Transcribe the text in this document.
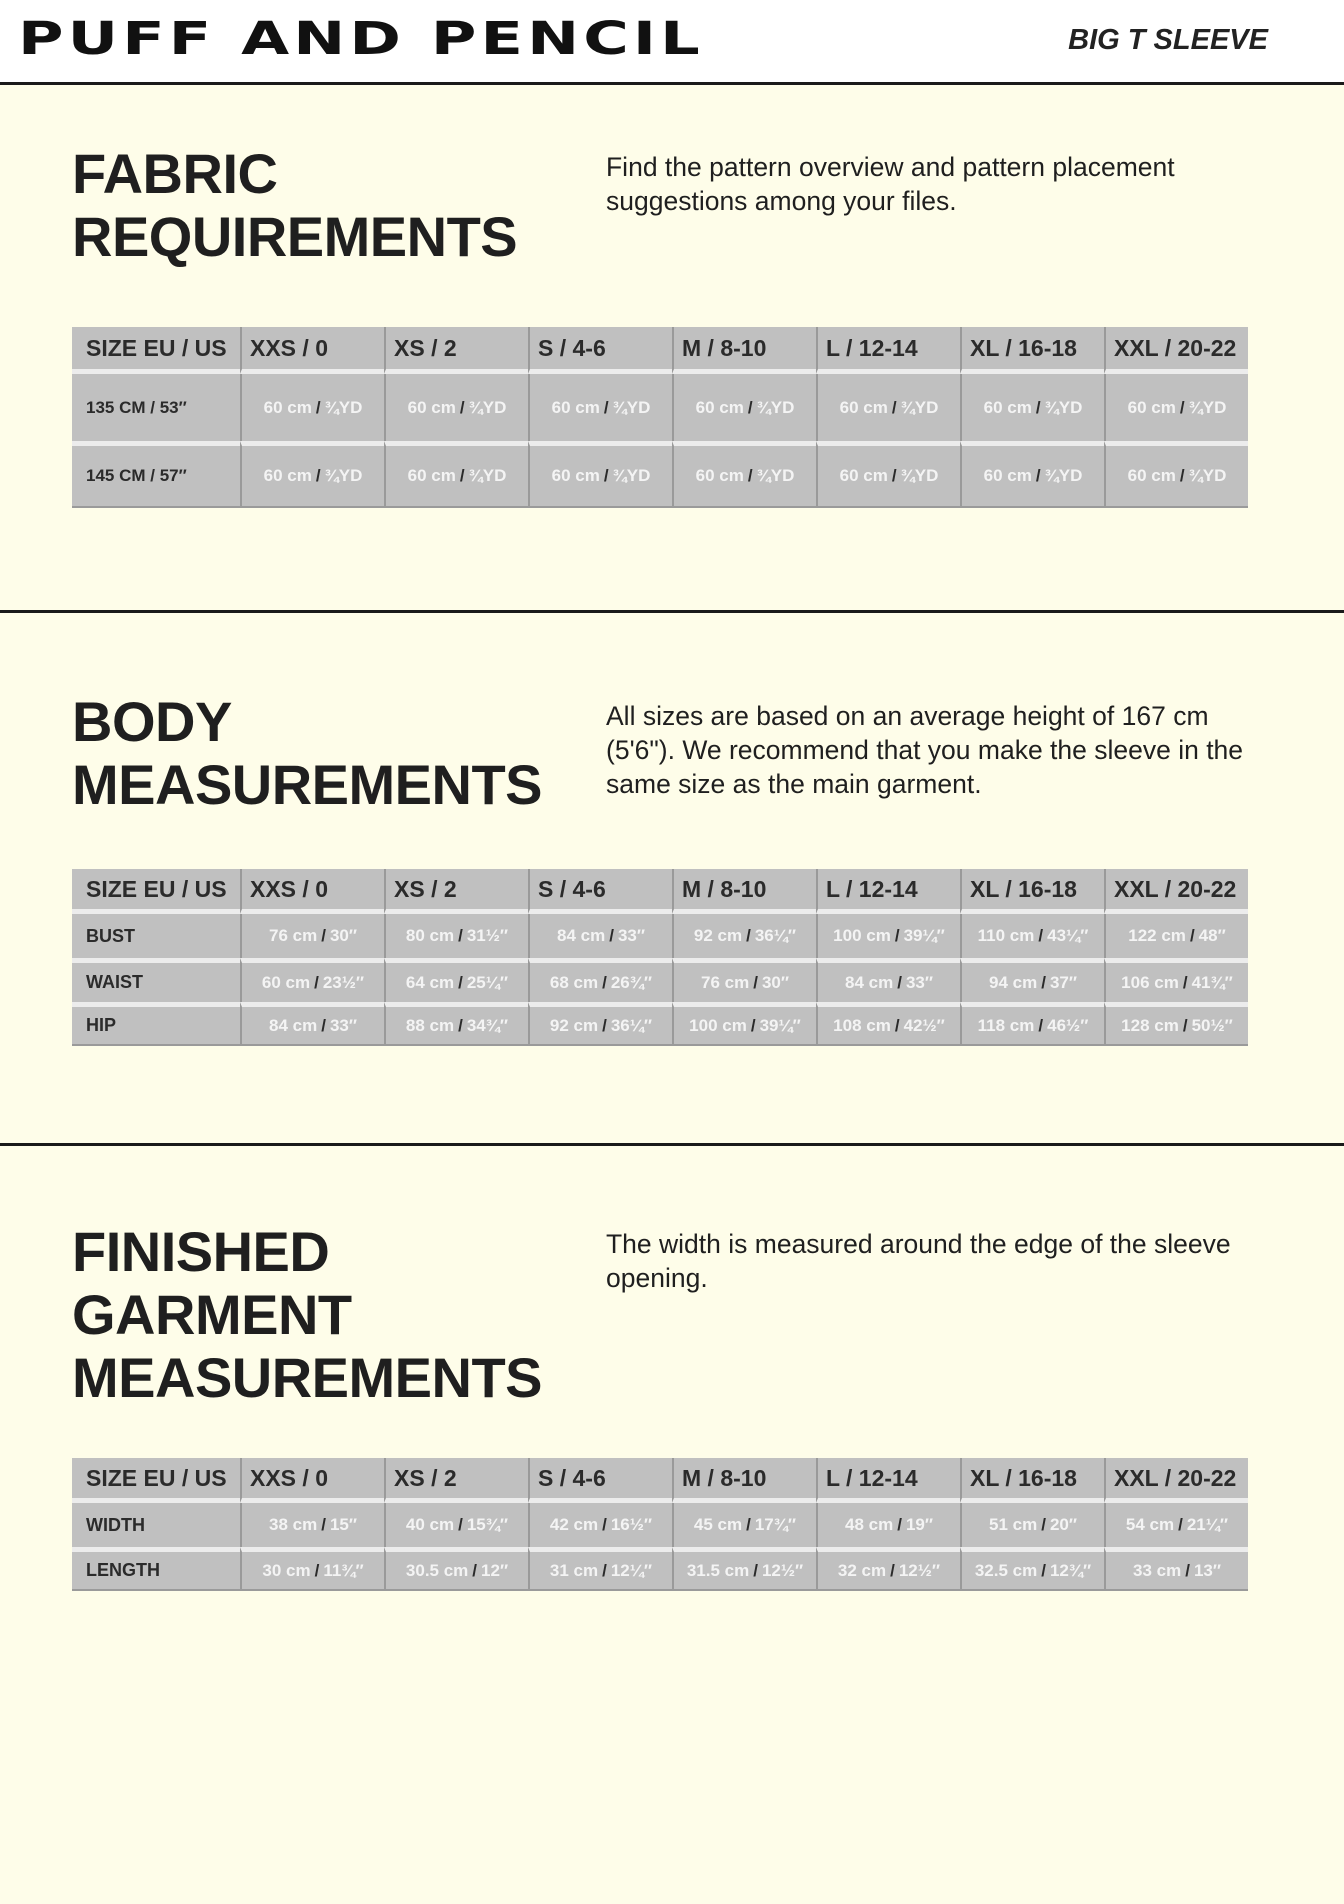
PUFF AND PENCIL	BIG T SLEEVE
FABRIC
REQUIREMENTS

Find the pattern overview and pattern placement suggestions among your files.

SIZE EU / US	XXS / 0	XS / 2	S / 4-6	M / 8-10	L / 12-14	XL / 16-18	XXL / 20-22
135 CM / 53″	60 cm / ¾YD	60 cm / ¾YD	60 cm / ¾YD	60 cm / ¾YD	60 cm / ¾YD	60 cm / ¾YD	60 cm / ¾YD
145 CM / 57″	60 cm / ¾YD	60 cm / ¾YD	60 cm / ¾YD	60 cm / ¾YD	60 cm / ¾YD	60 cm / ¾YD	60 cm / ¾YD
BODY
MEASUREMENTS

All sizes are based on an average height of 167 cm (5'6"). We recommend that you make the sleeve in the same size as the main garment.

SIZE EU / US	XXS / 0	XS / 2	S / 4-6	M / 8-10	L / 12-14	XL / 16-18	XXL / 20-22
BUST	76 cm / 30″	80 cm / 31½″	84 cm / 33″	92 cm / 36¼″	100 cm / 39¼″	110 cm / 43¼″	122 cm / 48″
WAIST	60 cm / 23½″	64 cm / 25¼″	68 cm / 26¾″	76 cm / 30″	84 cm / 33″	94 cm / 37″	106 cm / 41¾″
HIP	84 cm / 33″	88 cm / 34¾″	92 cm / 36¼″	100 cm / 39¼″	108 cm / 42½″	118 cm / 46½″	128 cm / 50½″
FINISHED
GARMENT
MEASUREMENTS

The width is measured around the edge of the sleeve opening.

SIZE EU / US	XXS / 0	XS / 2	S / 4-6	M / 8-10	L / 12-14	XL / 16-18	XXL / 20-22
WIDTH	38 cm / 15″	40 cm / 15¾″	42 cm / 16½″	45 cm / 17¾″	48 cm / 19″	51 cm / 20″	54 cm / 21¼″
LENGTH	30 cm / 11¾″	30.5 cm / 12″	31 cm / 12¼″	31.5 cm / 12½″	32 cm / 12½″	32.5 cm / 12¾″	33 cm / 13″
